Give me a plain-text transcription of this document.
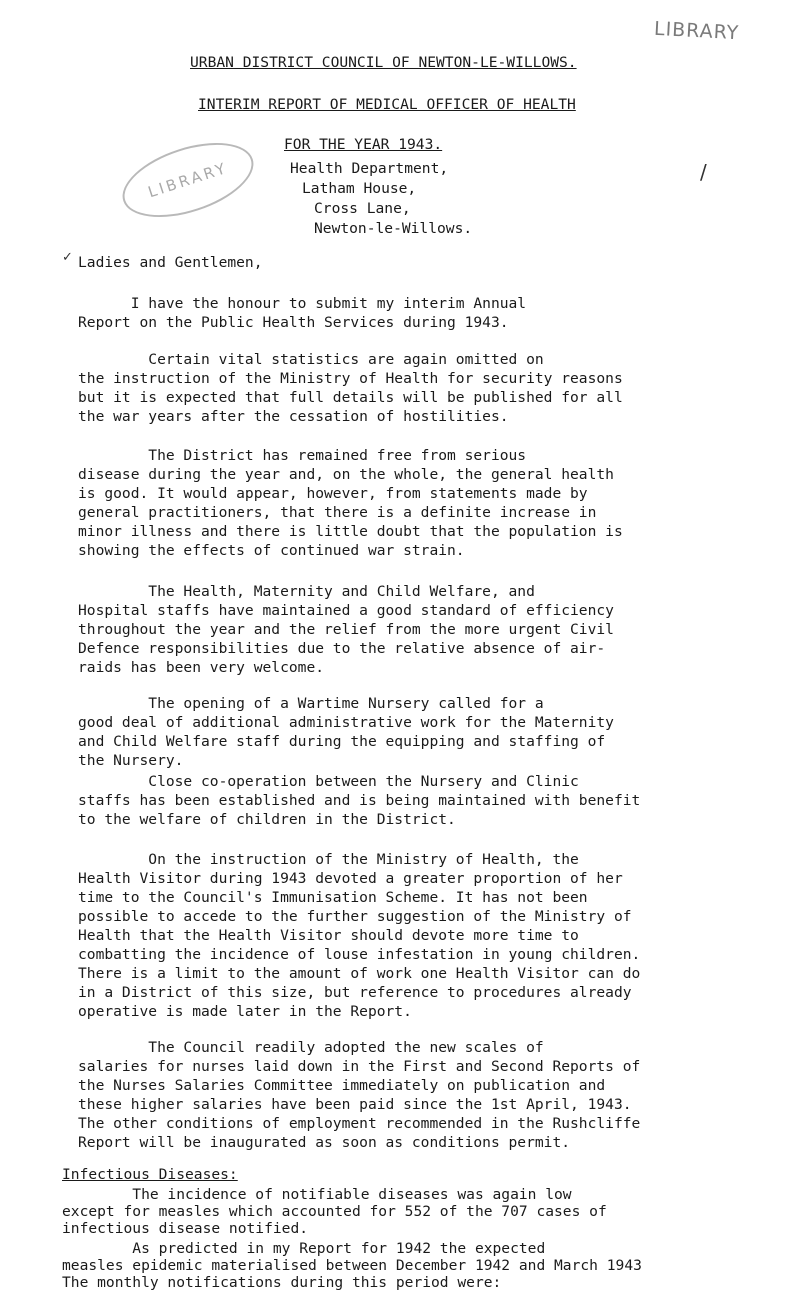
LIBRARY
URBAN DISTRICT COUNCIL OF NEWTON-LE-WILLOWS.
INTERIM REPORT OF MEDICAL OFFICER OF HEALTH
FOR THE YEAR 1943.
LIBRARY	Health Department,
Latham House,
Cross Lane,
Newton-le-Willows.
/
✓ Ladies and Gentlemen,
I have the honour to submit my interim Annual
Report on the Public Health Services during 1943.
Certain vital statistics are again omitted on
the instruction of the Ministry of Health for security reasons
but it is expected that full details will be published for all
the war years after the cessation of hostilities.
The District has remained free from serious
disease during the year and, on the whole, the general health
is good. It would appear, however, from statements made by
general practitioners, that there is a definite increase in
minor illness and there is little doubt that the population is
showing the effects of continued war strain.
The Health, Maternity and Child Welfare, and
Hospital staffs have maintained a good standard of efficiency
throughout the year and the relief from the more urgent Civil
Defence responsibilities due to the relative absence of air-
raids has been very welcome.
The opening of a Wartime Nursery called for a
good deal of additional administrative work for the Maternity
and Child Welfare staff during the equipping and staffing of
the Nursery.
Close co-operation between the Nursery and Clinic
staffs has been established and is being maintained with benefit
to the welfare of children in the District.
On the instruction of the Ministry of Health, the
Health Visitor during 1943 devoted a greater proportion of her
time to the Council's Immunisation Scheme. It has not been
possible to accede to the further suggestion of the Ministry of
Health that the Health Visitor should devote more time to
combatting the incidence of louse infestation in young children.
There is a limit to the amount of work one Health Visitor can do
in a District of this size, but reference to procedures already
operative is made later in the Report.
The Council readily adopted the new scales of
salaries for nurses laid down in the First and Second Reports of
the Nurses Salaries Committee immediately on publication and
these higher salaries have been paid since the 1st April, 1943.
The other conditions of employment recommended in the Rushcliffe
Report will be inaugurated as soon as conditions permit.
Infectious Diseases:
The incidence of notifiable diseases was again low
except for measles which accounted for 552 of the 707 cases of
infectious disease notified.
As predicted in my Report for 1942 the expected
measles epidemic materialised between December 1942 and March 1943
The monthly notifications during this period were:
